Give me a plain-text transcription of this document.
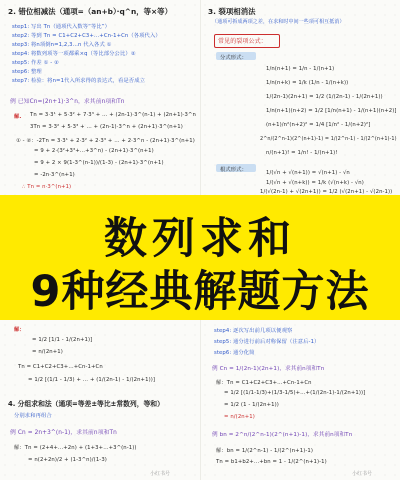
2. 错位相减法（通项=（an+b）·q^n，等×等）
step1: 写出 Tn（通项代入数等“等比”）
step2: 等到 Tn = C1+C2+C3+…+Cn-1+Cn（各项代入）
step3: 将n项倒n=1,2,3…n 代入各式 ①
step4: 将数列项等一项都乘×q（等比部分公比）②
step5: 作差 ① - ②
step6: 整理
step7: 检验：将n=1代入所求得的表达式，看是否成立
例 已知Cn=(2n+1)·3^n，求其前n项和Tn
解. Tn = 3·3¹ + 5·3² + 7·3³ + … + (2n-1)·3^(n-1) + (2n+1)·3^n
3Tn = 3·3² + 5·3³ + … + (2n-1)·3^n + (2n+1)·3^(n+1)
① - ②：-2Tn = 3·3¹ + 2·3² + 2·3³ + … + 2·3^n - (2n+1)·3^(n+1)
= 9 + 2·(3²+3³+…+3^n) - (2n+1)·3^(n+1)
= 9 + 2 × 9(1-3^(n-1))/(1-3) - (2n+1)·3^(n+1)
= -2n·3^(n+1)
∴ Tn = n·3^(n+1)
解：
= 1/2 [1/1 - 1/(2n+1)]
= n/(2n+1)
Tn = C1+C2+C3+…+Cn-1+Cn
= 1/2 [(1/1 - 1/3) + … + (1/(2n-1) - 1/(2n+1))]
4. 分组求和法（通项=等差±等比±常数列，等和）
分别求和再组合
例 Cn = 2n+3^(n-1)，求其前n项和Tn
解：Tn = (2+4+…+2n) + (1+3+…+3^(n-1))
= n(2+2n)/2 + (1-3^n)/(1-3)
小红书号
3. 裂项相消法
（通项可拆成两项之差，在求和时中间一些项可相互抵消）
常见的裂项公式：
分式形式：
1/n(n+1) = 1/n - 1/(n+1)
1/n(n+k) = 1/k (1/n - 1/(n+k))
1/(2n-1)(2n+1) = 1/2 (1/(2n-1) - 1/(2n+1))
1/n(n+1)(n+2) = 1/2 [1/n(n+1) - 1/(n+1)(n+2)]
(n+1)/n²(n+2)² = 1/4 [1/n² - 1/(n+2)²]
2^n/(2^n-1)(2^(n+1)-1) = 1/(2^n-1) - 1/(2^(n+1)-1)
n/(n+1)! = 1/n! - 1/(n+1)!
根式形式：	1/(√n + √(n+1)) = √(n+1) - √n
1/(√n + √(n+k)) = 1/k (√(n+k) - √n)
1/(√(2n-1) + √(2n+1)) = 1/2 (√(2n+1) - √(2n-1))
step4: 逐次写出前几项以便观察
step5: 通分进行前后对称保留（注意后-1）
step6: 通分化简
例 Cn = 1/(2n-1)(2n+1)，求其前n项和Tn
解：Tn = C1+C2+C3+…+Cn-1+Cn
= 1/2 [(1/1-1/3)+(1/3-1/5)+…+(1/(2n-1)-1/(2n+1))]
= 1/2 (1 - 1/(2n+1))
= n/(2n+1)
例 bn = 2^n/(2^n-1)(2^(n+1)-1)，求其前n项和Tn
解：bn = 1/(2^n-1) - 1/(2^(n+1)-1)
Tn = b1+b2+…+bn = 1 - 1/(2^(n+1)-1)
小红书号
数列求和
9种经典解题方法
